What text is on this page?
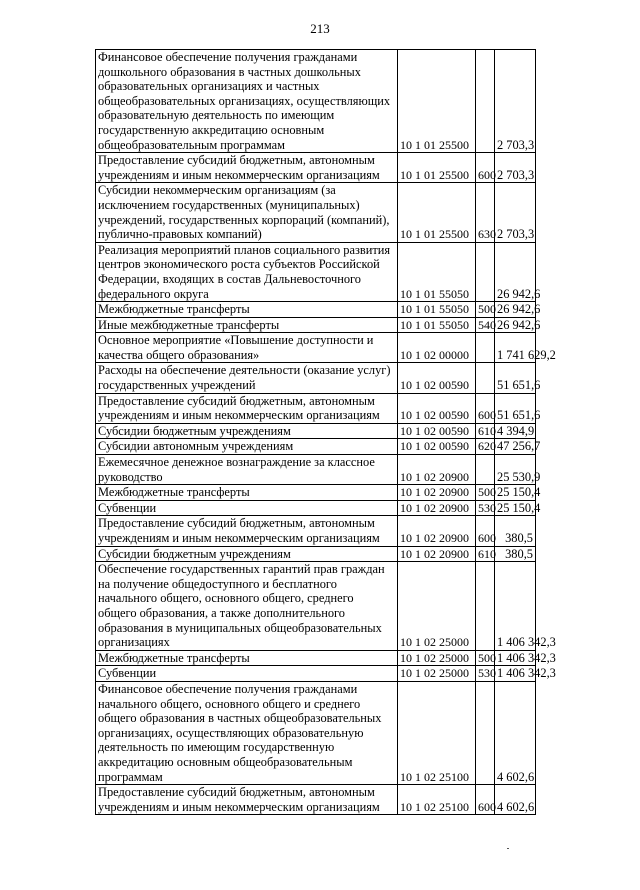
213
Финансовое обеспечение получения гражданами дошкольного образования в частных дошкольных образовательных организациях и частных общеобразовательных организациях, осуществляющих образовательную деятельность по имеющим государственную аккредитацию основным общеобразовательным программам	10 1 01 25500		2 703,3
Предоставление субсидий бюджетным, автономным учреждениям и иным некоммерческим организациям	10 1 01 25500	600	2 703,3
Субсидии некоммерческим организациям (за исключением государственных (муниципальных) учреждений, государственных корпораций (компаний), публично-правовых компаний)	10 1 01 25500	630	2 703,3
Реализация мероприятий планов социального развития центров экономического роста субъектов Российской Федерации, входящих в состав Дальневосточного федерального округа	10 1 01 55050		26 942,6
Межбюджетные трансферты	10 1 01 55050	500	26 942,6
Иные межбюджетные трансферты	10 1 01 55050	540	26 942,6
Основное мероприятие «Повышение доступности и качества общего образования»	10 1 02 00000		1 741 629,2
Расходы на обеспечение деятельности (оказание услуг) государственных учреждений	10 1 02 00590		51 651,6
Предоставление субсидий бюджетным, автономным учреждениям и иным некоммерческим организациям	10 1 02 00590	600	51 651,6
Субсидии бюджетным учреждениям	10 1 02 00590	610	4 394,9
Субсидии автономным учреждениям	10 1 02 00590	620	47 256,7
Ежемесячное денежное вознаграждение за классное руководство	10 1 02 20900		25 530,9
Межбюджетные трансферты	10 1 02 20900	500	25 150,4
Субвенции	10 1 02 20900	530	25 150,4
Предоставление субсидий бюджетным, автономным учреждениям и иным некоммерческим организациям	10 1 02 20900	600	380,5
Субсидии бюджетным учреждениям	10 1 02 20900	610	380,5
Обеспечение государственных гарантий прав граждан на получение общедоступного и бесплатного начального общего, основного общего, среднего общего образования, а также дополнительного образования в муниципальных общеобразовательных организациях	10 1 02 25000		1 406 342,3
Межбюджетные трансферты	10 1 02 25000	500	1 406 342,3
Субвенции	10 1 02 25000	530	1 406 342,3
Финансовое обеспечение получения гражданами начального общего, основного общего и среднего общего образования в частных общеобразовательных организациях, осуществляющих образовательную деятельность по имеющим государственную аккредитацию основным общеобразовательным программам	10 1 02 25100		4 602,6
Предоставление субсидий бюджетным, автономным учреждениям и иным некоммерческим организациям	10 1 02 25100	600	4 602,6
